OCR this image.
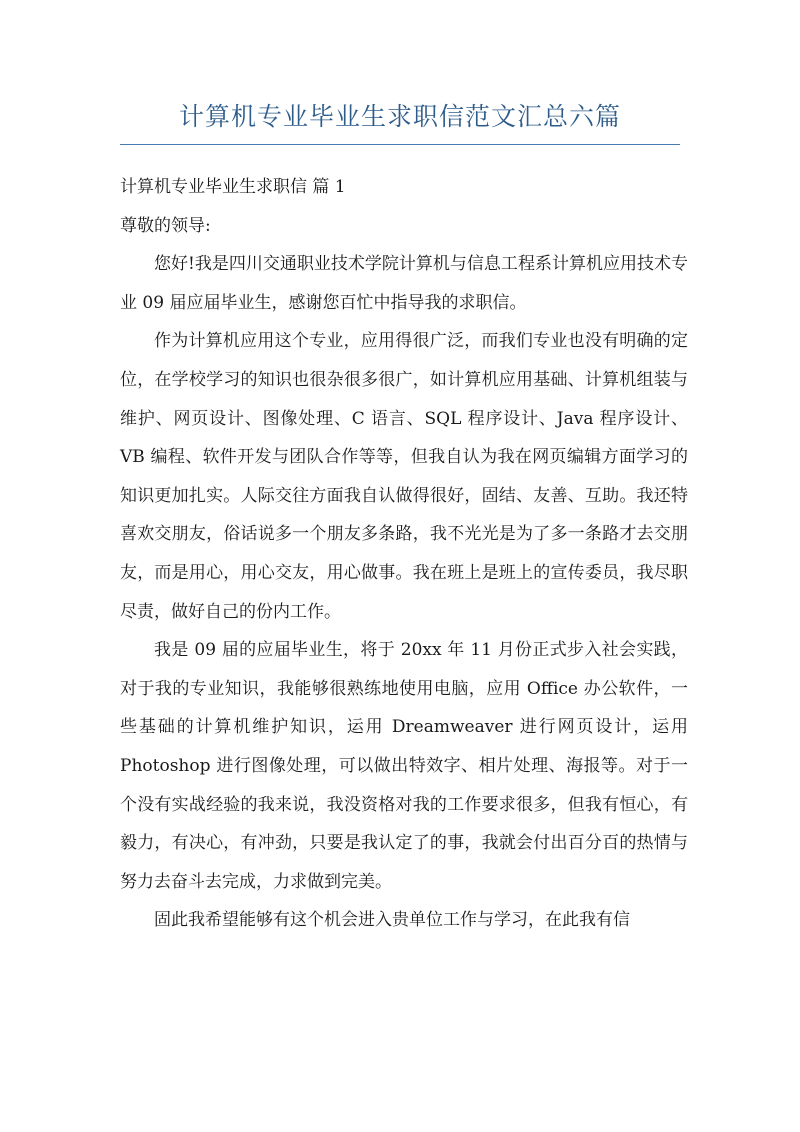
计算机专业毕业生求职信范文汇总六篇

计算机专业毕业生求职信 篇 1

尊敬的领导:

您好!我是四川交通职业技术学院计算机与信息工程系计算机应用技术专业 09 届应届毕业生，感谢您百忙中指导我的求职信。

作为计算机应用这个专业，应用得很广泛，而我们专业也没有明确的定位，在学校学习的知识也很杂很多很广，如计算机应用基础、计算机组装与维护、网页设计、图像处理、C 语言、SQL 程序设计、Java 程序设计、VB 编程、软件开发与团队合作等等，但我自认为我在网页编辑方面学习的知识更加扎实。人际交往方面我自认做得很好，固结、友善、互助。我还特喜欢交朋友，俗话说多一个朋友多条路，我不光光是为了多一条路才去交朋友，而是用心，用心交友，用心做事。我在班上是班上的宣传委员，我尽职尽责，做好自己的份内工作。

我是 09 届的应届毕业生，将于 20xx 年 11 月份正式步入社会实践，对于我的专业知识，我能够很熟练地使用电脑，应用 Office 办公软件，一些基础的计算机维护知识，运用 Dreamweaver 进行网页设计，运用 Photoshop 进行图像处理，可以做出特效字、相片处理、海报等。对于一个没有实战经验的我来说，我没资格对我的工作要求很多，但我有恒心，有毅力，有决心，有冲劲，只要是我认定了的事，我就会付出百分百的热情与努力去奋斗去完成，力求做到完美。

固此我希望能够有这个机会进入贵单位工作与学习，在此我有信
